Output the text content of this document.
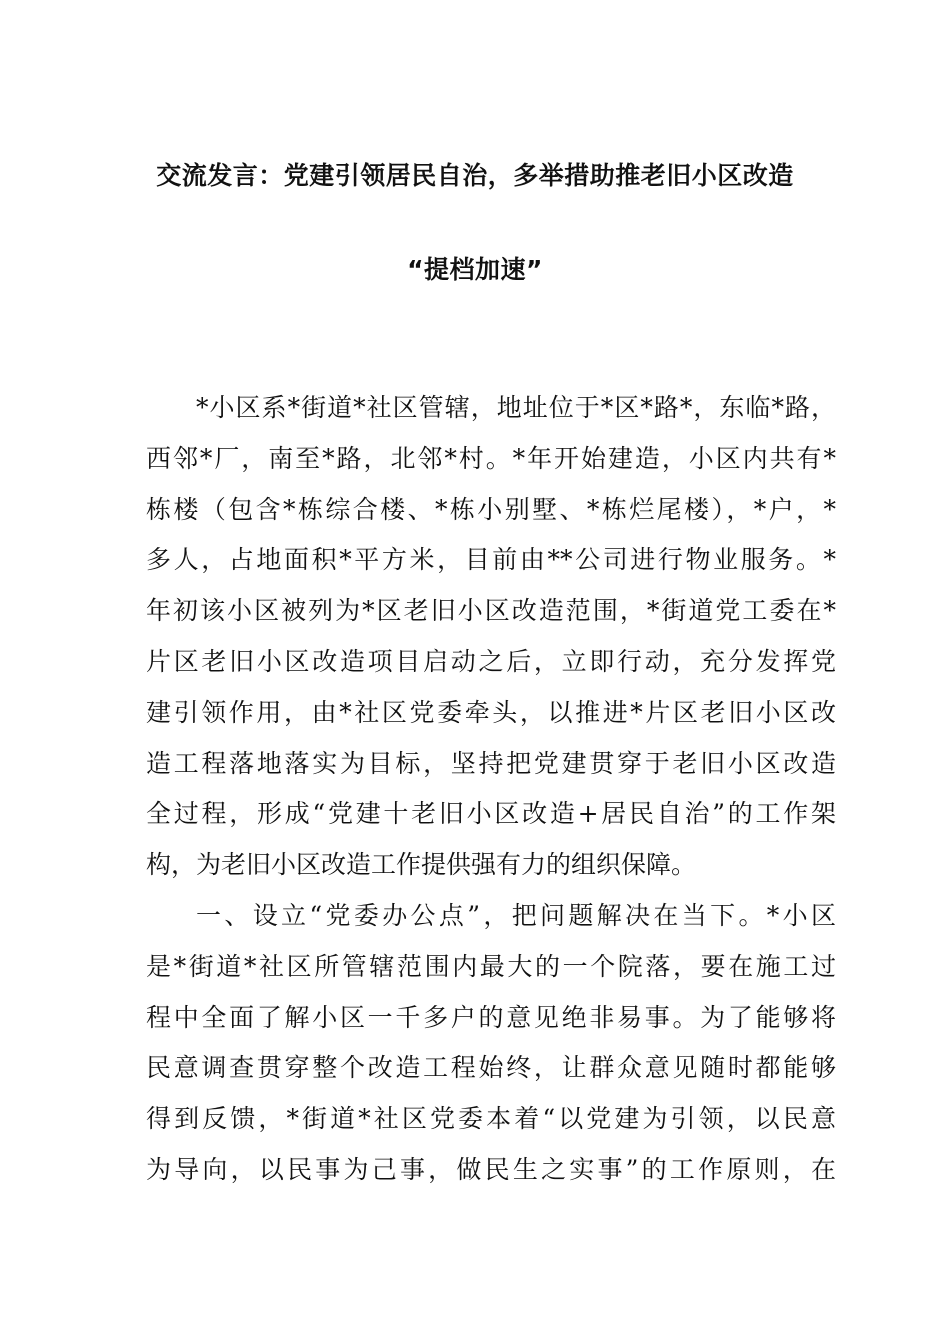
交流发言：党建引领居民自治，多举措助推老旧小区改造
“提档加速”
*小区系*街道*社区管辖，地址位于*区*路*，东临*路，
西邻*厂，南至*路，北邻*村。*年开始建造，小区内共有*
栋楼（包含*栋综合楼、*栋小别墅、*栋烂尾楼），*户，*
多人，占地面积*平方米，目前由**公司进行物业服务。*
年初该小区被列为*区老旧小区改造范围，*街道党工委在*
片区老旧小区改造项目启动之后，立即行动，充分发挥党
建引领作用，由*社区党委牵头，以推进*片区老旧小区改
造工程落地落实为目标，坚持把党建贯穿于老旧小区改造
全过程，形成“党建十老旧小区改造+居民自治”的工作架
构，为老旧小区改造工作提供强有力的组织保障。
一、设立“党委办公点”，把问题解决在当下。*小区
是*街道*社区所管辖范围内最大的一个院落，要在施工过
程中全面了解小区一千多户的意见绝非易事。为了能够将
民意调查贯穿整个改造工程始终，让群众意见随时都能够
得到反馈，*街道*社区党委本着“以党建为引领，以民意
为导向，以民事为己事，做民生之实事”的工作原则，在
